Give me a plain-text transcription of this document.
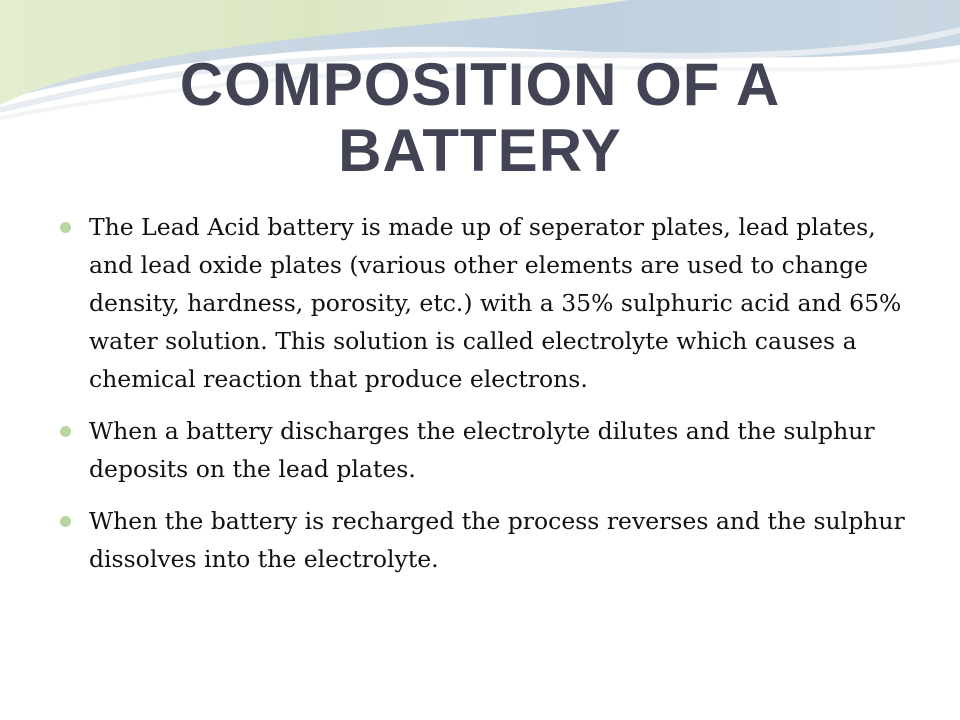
COMPOSITION OF A
BATTERY
The Lead Acid battery is made up of seperator plates, lead plates, and lead oxide plates (various other elements are used to change density, hardness, porosity, etc.) with a 35% sulphuric acid and 65% water solution. This solution is called electrolyte which causes a chemical reaction that produce electrons.
When a battery discharges the electrolyte dilutes and the sulphur deposits on the lead plates.
When the battery is recharged the process reverses and the sulphur dissolves into the electrolyte.
